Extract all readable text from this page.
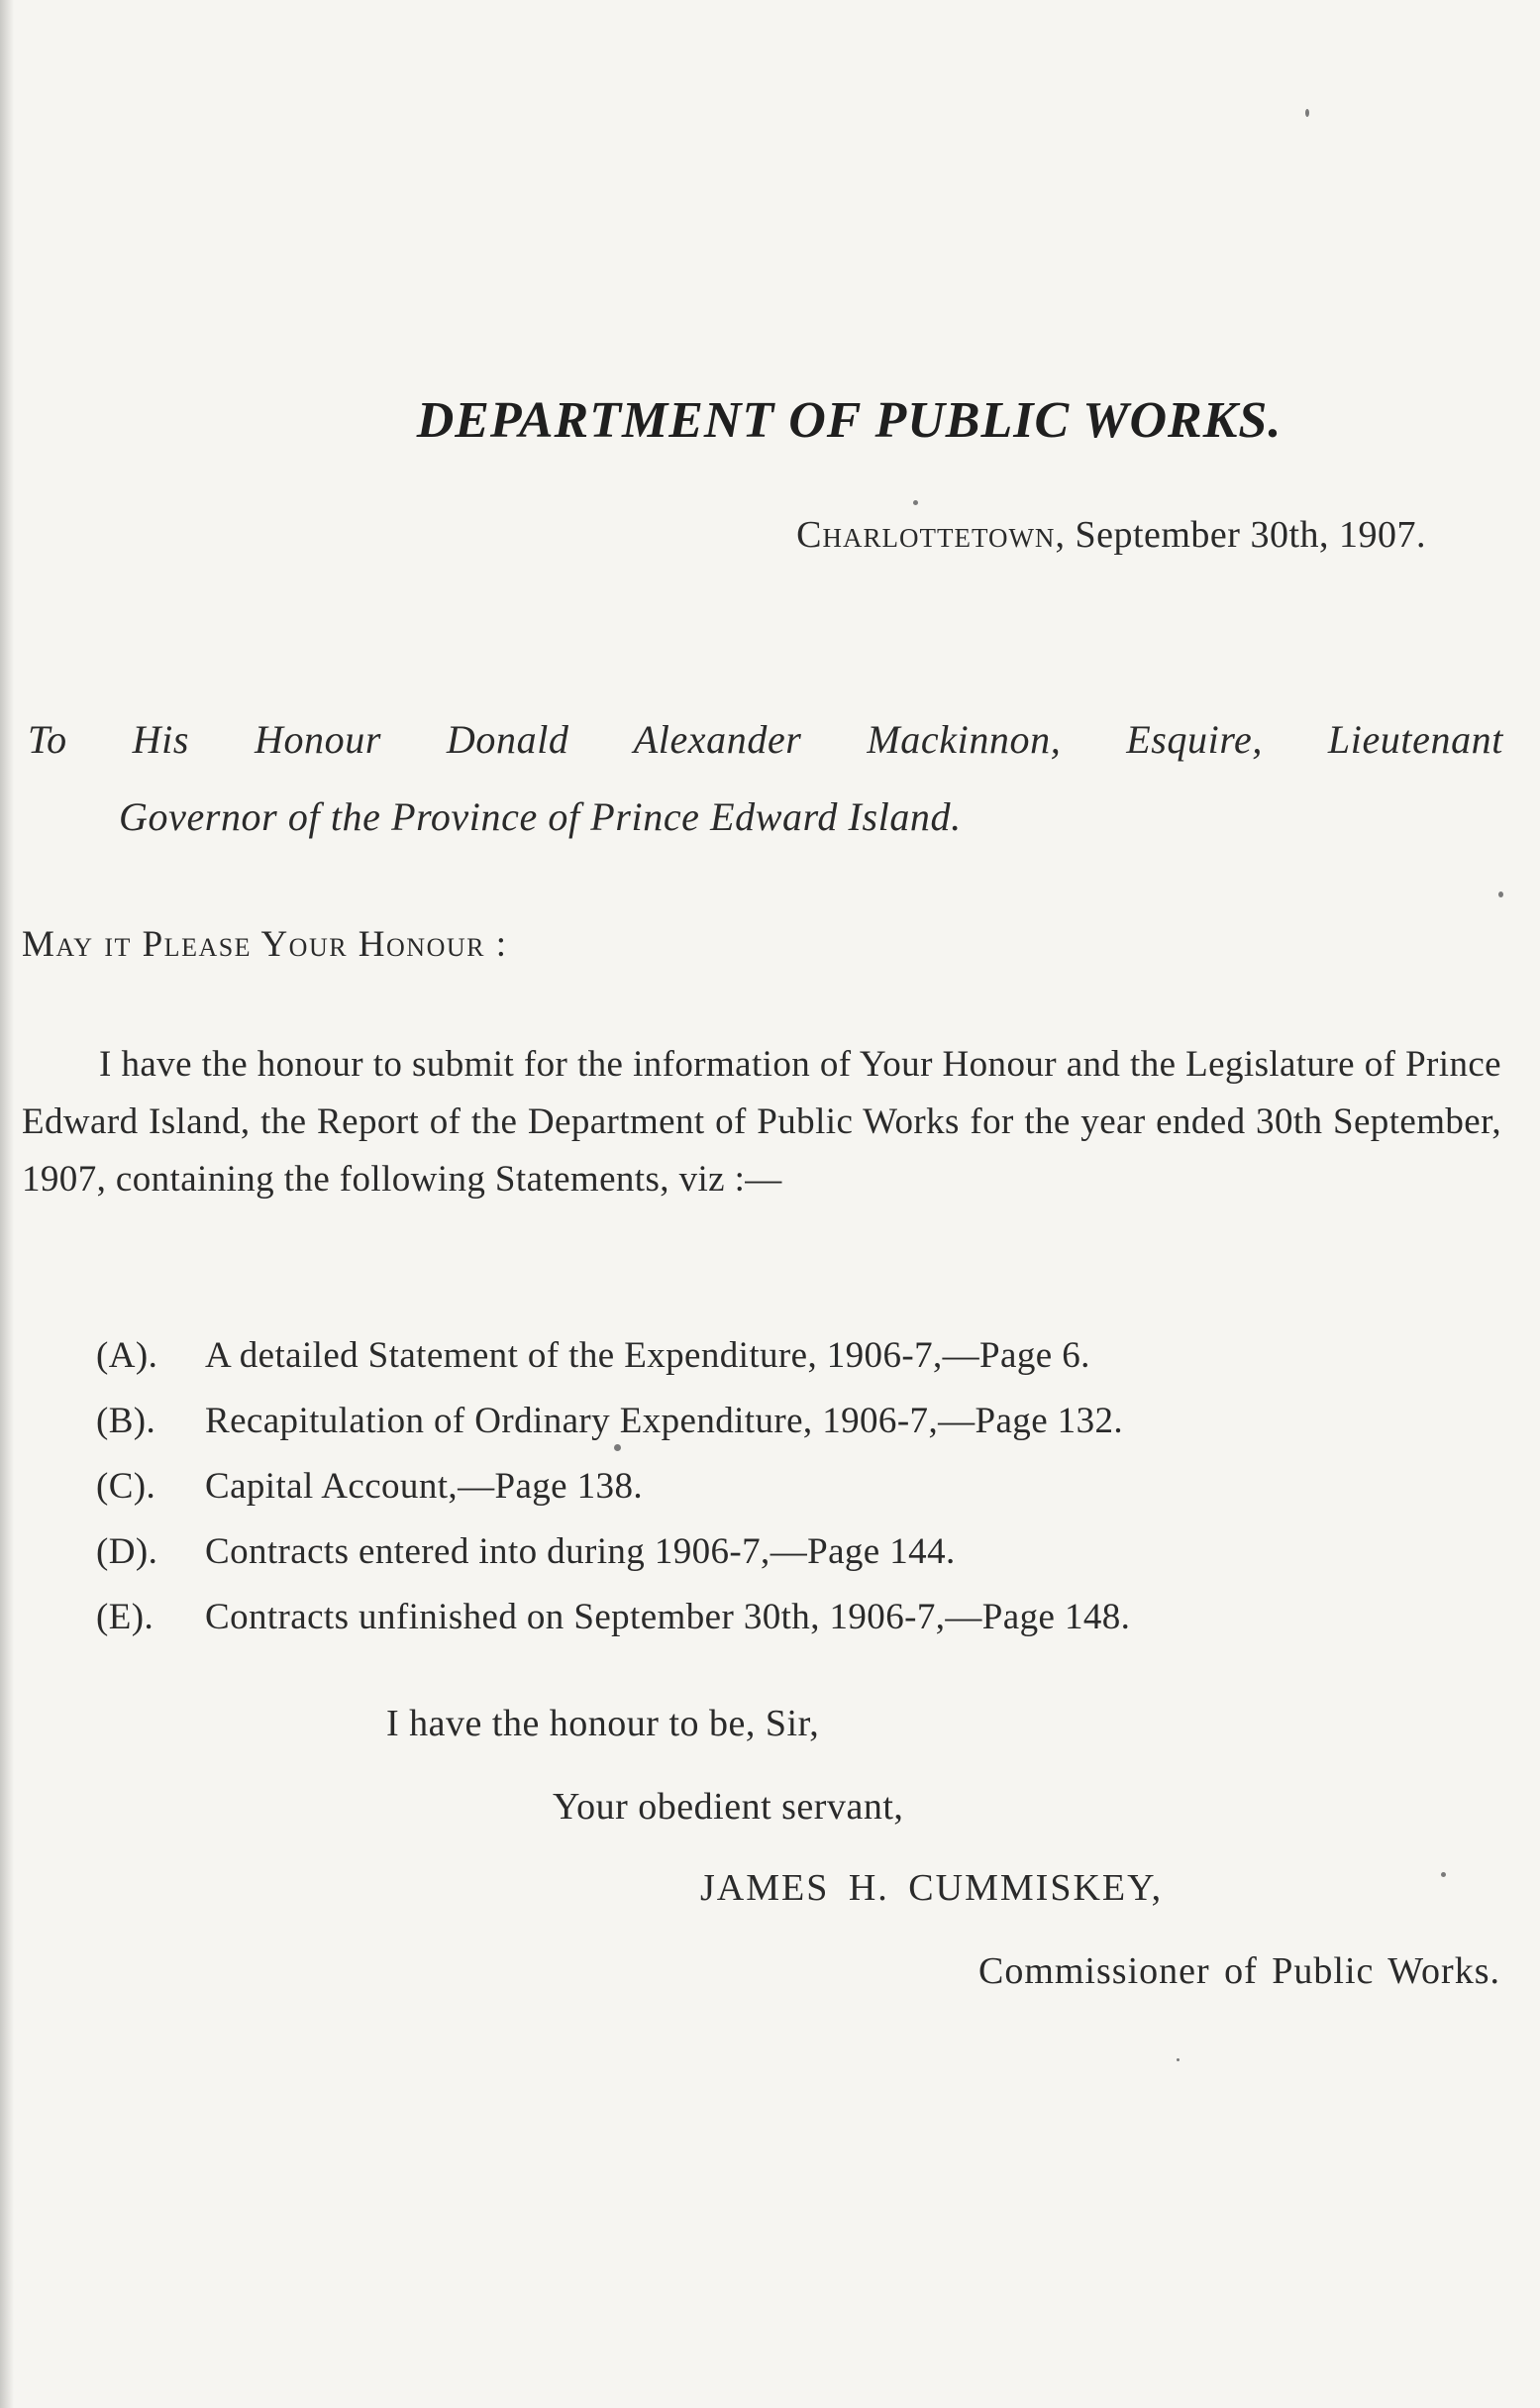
DEPARTMENT OF PUBLIC WORKS.
Charlottetown, September 30th, 1907.
To His Honour Donald Alexander Mackinnon, Esquire, Lieutenant
Governor of the Province of Prince Edward Island.
May it Please Your Honour :
I have the honour to submit for the information of Your Honour and the Legislature of Prince Edward Island, the Report of the Department of Public Works for the year ended 30th September, 1907, containing the following Statements, viz :—
(A). A detailed Statement of the Expenditure, 1906-7,—Page 6.
(B). Recapitulation of Ordinary Expenditure, 1906-7,—Page 132.
(C). Capital Account,—Page 138.
(D). Contracts entered into during 1906-7,—Page 144.
(E). Contracts unfinished on September 30th, 1906-7,—Page 148.
I have the honour to be, Sir,
Your obedient servant,
JAMES H. CUMMISKEY,
Commissioner of Public Works.
